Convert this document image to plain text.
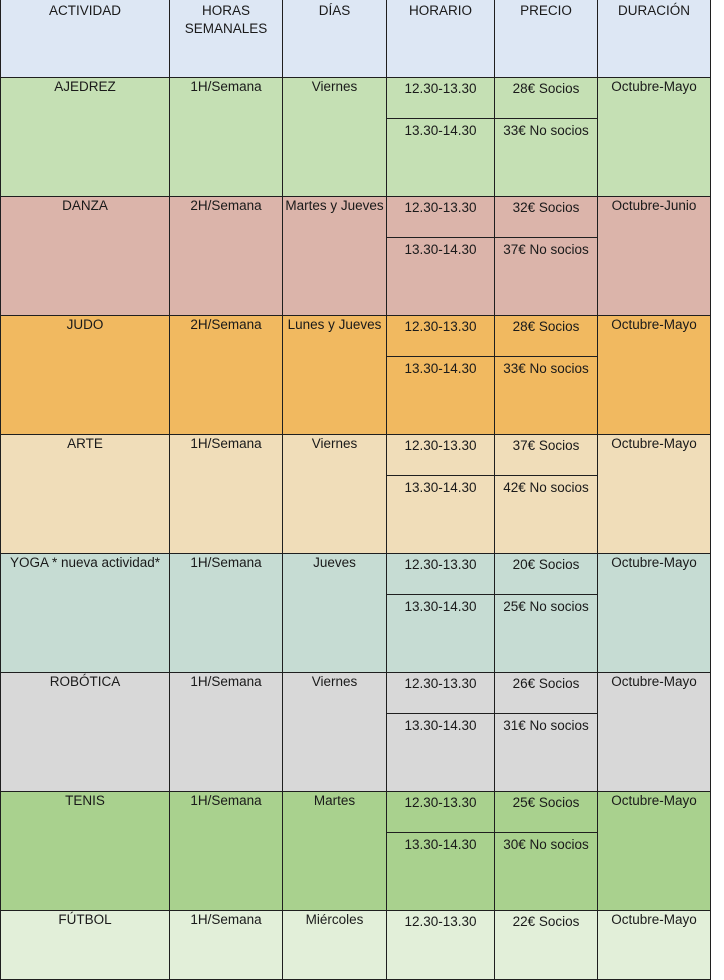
ACTIVIDAD	HORAS SEMANALES	DÍAS	HORARIO	PRECIO	DURACIÓN
AJEDREZ	1H/Semana	Viernes	12.30-13.30	28€ Socios	Octubre-Mayo
			13.30-14.30	33€ No socios	
DANZA	2H/Semana	Martes y Jueves	12.30-13.30	32€ Socios	Octubre-Junio
			13.30-14.30	37€ No socios	
JUDO	2H/Semana	Lunes y Jueves	12.30-13.30	28€ Socios	Octubre-Mayo
			13.30-14.30	33€ No socios	
ARTE	1H/Semana	Viernes	12.30-13.30	37€ Socios	Octubre-Mayo
			13.30-14.30	42€ No socios	
YOGA * nueva actividad*	1H/Semana	Jueves	12.30-13.30	20€ Socios	Octubre-Mayo
			13.30-14.30	25€ No socios	
ROBÓTICA	1H/Semana	Viernes	12.30-13.30	26€ Socios	Octubre-Mayo
			13.30-14.30	31€ No socios	
TENIS	1H/Semana	Martes	12.30-13.30	25€ Socios	Octubre-Mayo
			13.30-14.30	30€ No socios	
FÚTBOL	1H/Semana	Miércoles	12.30-13.30	22€ Socios	Octubre-Mayo
